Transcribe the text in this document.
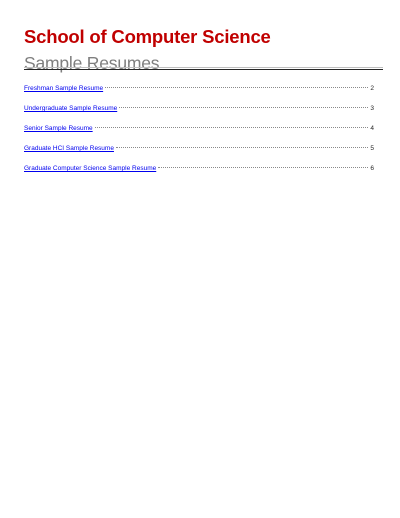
School of Computer Science
Sample Resumes
Freshman Sample Resume	2
Undergraduate Sample Resume	3
Senior Sample Resume	4
Graduate HCI Sample Resume	5
Graduate Computer Science Sample Resume	6
